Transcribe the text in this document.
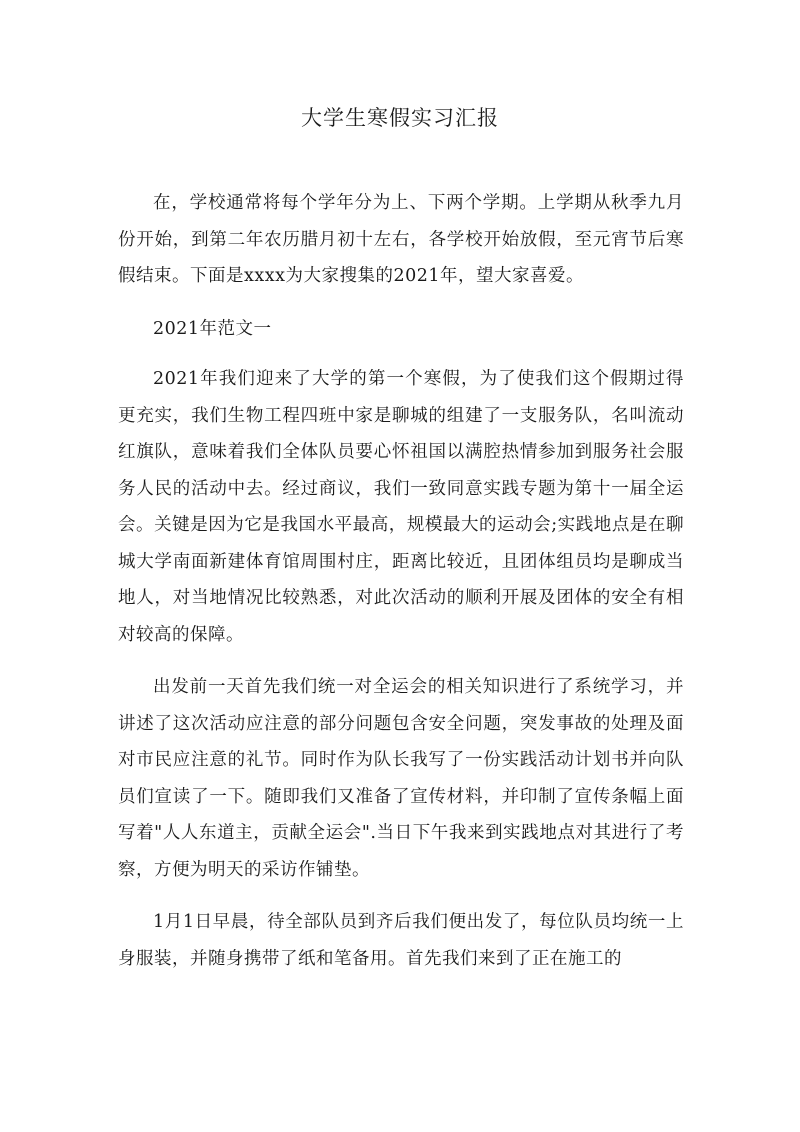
大学生寒假实习汇报

在，学校通常将每个学年分为上、下两个学期。上学期从秋季九月份开始，到第二年农历腊月初十左右，各学校开始放假，至元宵节后寒假结束。下面是xxxx为大家搜集的2021年，望大家喜爱。

2021年范文一

2021年我们迎来了大学的第一个寒假，为了使我们这个假期过得更充实，我们生物工程四班中家是聊城的组建了一支服务队，名叫流动红旗队，意味着我们全体队员要心怀祖国以满腔热情参加到服务社会服务人民的活动中去。经过商议，我们一致同意实践专题为第十一届全运会。关键是因为它是我国水平最高，规模最大的运动会;实践地点是在聊城大学南面新建体育馆周围村庄，距离比较近，且团体组员均是聊成当地人，对当地情况比较熟悉，对此次活动的顺利开展及团体的安全有相对较高的保障。

出发前一天首先我们统一对全运会的相关知识进行了系统学习，并讲述了这次活动应注意的部分问题包含安全问题，突发事故的处理及面对市民应注意的礼节。同时作为队长我写了一份实践活动计划书并向队员们宣读了一下。随即我们又准备了宣传材料，并印制了宣传条幅上面写着"人人东道主，贡献全运会".当日下午我来到实践地点对其进行了考察，方便为明天的采访作铺垫。

1月1日早晨，待全部队员到齐后我们便出发了，每位队员均统一上身服装，并随身携带了纸和笔备用。首先我们来到了正在施工的
